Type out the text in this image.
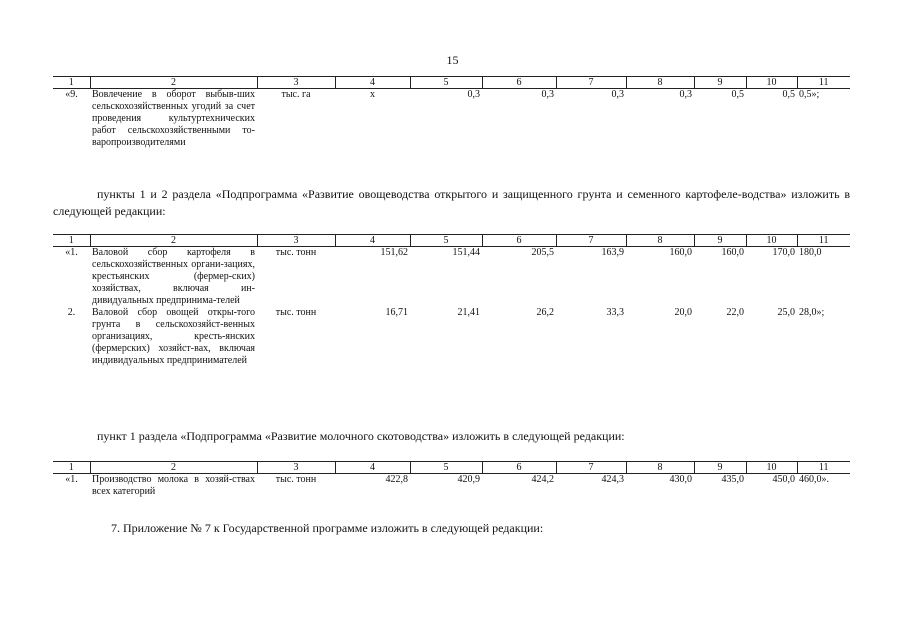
15
1	2	3	4	5	6	7	8	9	10	11
«9.	Вовлечение в оборот выбыв-ших сельскохозяйственных угодий за счет проведения культуртехнических работ сельскохозяйственными то-варопроизводителями	тыс. га	х	0,3	0,3	0,3	0,3	0,5	0,5	0,5»;
пункты 1 и 2 раздела «Подпрограмма «Развитие овощеводства открытого и защищенного грунта и семенного картофеле-водства» изложить в следующей редакции:
1	2	3	4	5	6	7	8	9	10	11
«1.	Валовой сбор картофеля в сельскохозяйственных органи-зациях, крестьянских (фермер-ских) хозяйствах, включая ин-дивидуальных предпринима-телей	тыс. тонн	151,62	151,44	205,5	163,9	160,0	160,0	170,0	180,0
2.	Валовой сбор овощей откры-того грунта в сельскохозяйст-венных организациях, кресть-янских (фермерских) хозяйст-вах, включая индивидуальных предпринимателей	тыс. тонн	16,71	21,41	26,2	33,3	20,0	22,0	25,0	28,0»;
пункт 1 раздела «Подпрограмма «Развитие молочного скотоводства» изложить в следующей редакции:
1	2	3	4	5	6	7	8	9	10	11
«1.	Производство молока в хозяй-ствах всех категорий	тыс. тонн	422,8	420,9	424,2	424,3	430,0	435,0	450,0	460,0».
7. Приложение № 7 к Государственной программе изложить в следующей редакции:
